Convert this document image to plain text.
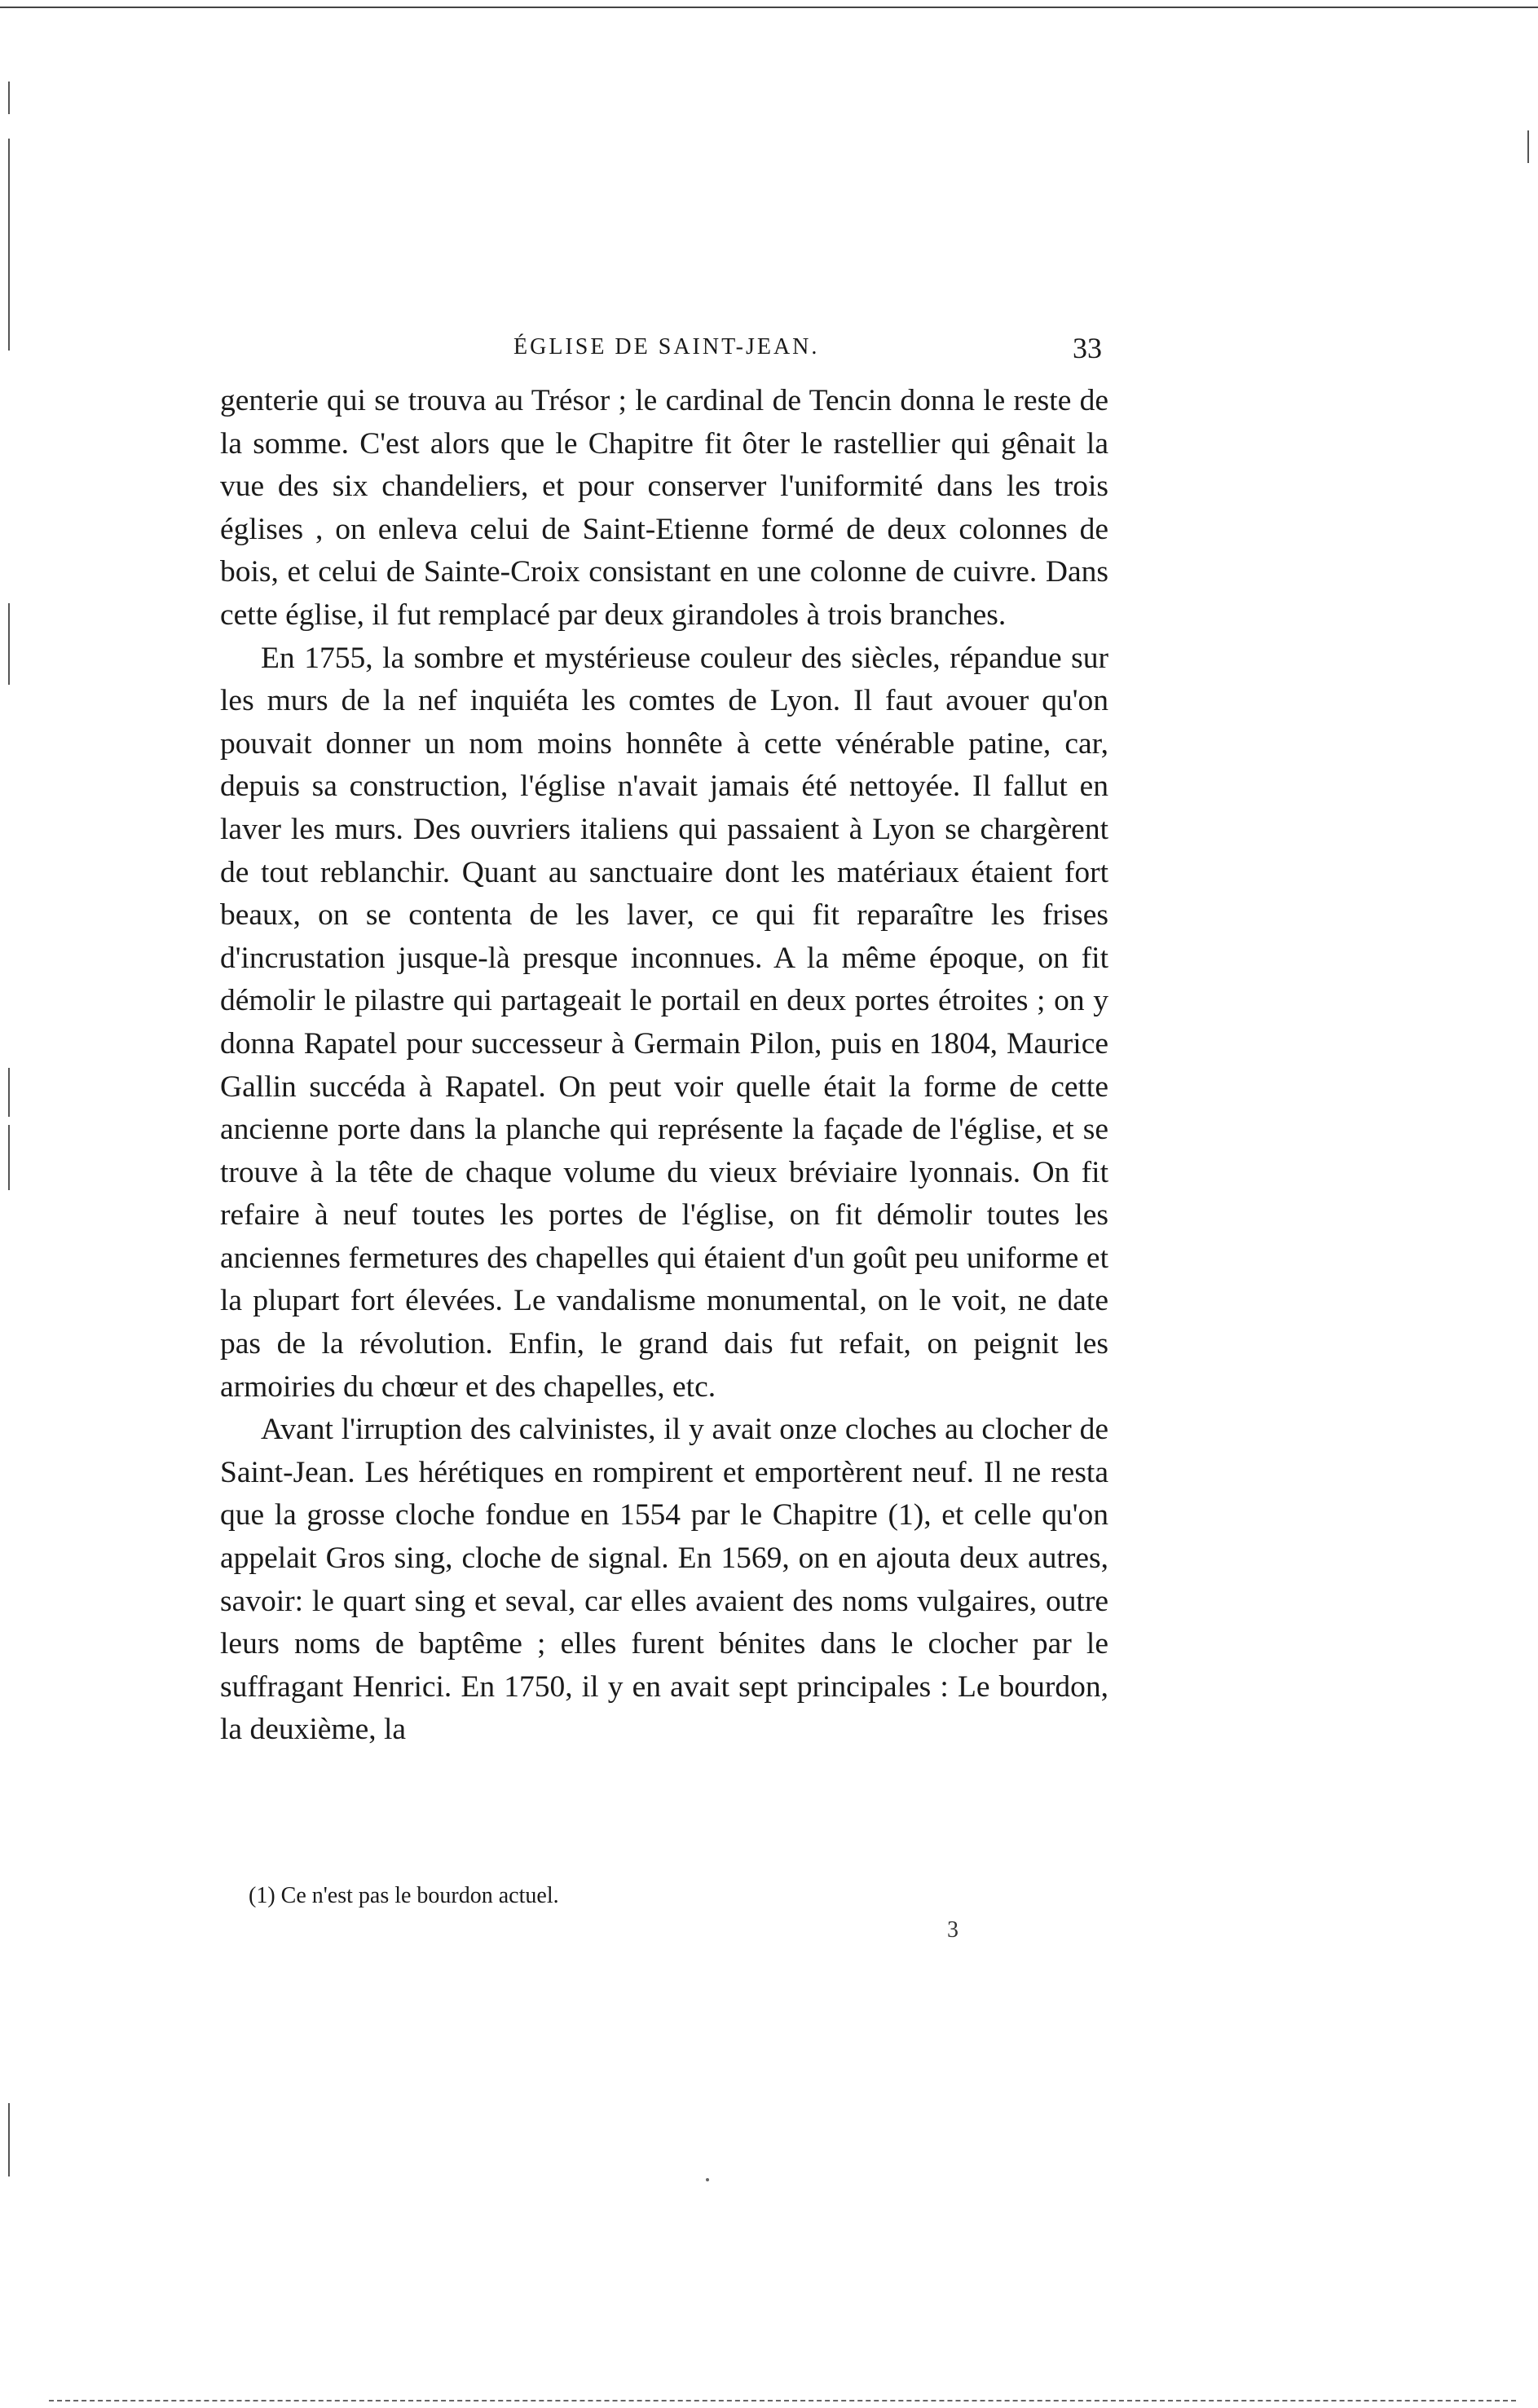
ÉGLISE DE SAINT-JEAN.	33

genterie qui se trouva au Trésor ; le cardinal de Tencin donna le reste de la somme. C'est alors que le Chapitre fit ôter le rastellier qui gênait la vue des six chandeliers, et pour conserver l'uniformité dans les trois églises , on enleva celui de Saint-Etienne formé de deux colonnes de bois, et celui de Sainte-Croix consistant en une colonne de cuivre. Dans cette église, il fut remplacé par deux girandoles à trois branches.

En 1755, la sombre et mystérieuse couleur des siècles, répandue sur les murs de la nef inquiéta les comtes de Lyon. Il faut avouer qu'on pouvait donner un nom moins honnête à cette vénérable patine, car, depuis sa construction, l'église n'avait jamais été nettoyée. Il fallut en laver les murs. Des ouvriers italiens qui passaient à Lyon se chargèrent de tout reblanchir. Quant au sanctuaire dont les matériaux étaient fort beaux, on se contenta de les laver, ce qui fit reparaître les frises d'incrustation jusque-là presque inconnues. A la même époque, on fit démolir le pilastre qui partageait le portail en deux portes étroites ; on y donna Rapatel pour successeur à Germain Pilon, puis en 1804, Maurice Gallin succéda à Rapatel. On peut voir quelle était la forme de cette ancienne porte dans la planche qui représente la façade de l'église, et se trouve à la tête de chaque volume du vieux bréviaire lyonnais. On fit refaire à neuf toutes les portes de l'église, on fit démolir toutes les anciennes fermetures des chapelles qui étaient d'un goût peu uniforme et la plupart fort élevées. Le vandalisme monumental, on le voit, ne date pas de la révolution. Enfin, le grand dais fut refait, on peignit les armoiries du chœur et des chapelles, etc.

Avant l'irruption des calvinistes, il y avait onze cloches au clocher de Saint-Jean. Les hérétiques en rompirent et emportèrent neuf. Il ne resta que la grosse cloche fondue en 1554 par le Chapitre (1), et celle qu'on appelait Gros sing, cloche de signal. En 1569, on en ajouta deux autres, savoir: le quart sing et seval, car elles avaient des noms vulgaires, outre leurs noms de baptême ; elles furent bénites dans le clocher par le suffragant Henrici. En 1750, il y en avait sept principales : Le bourdon, la deuxième, la

(1) Ce n'est pas le bourdon actuel.
3
